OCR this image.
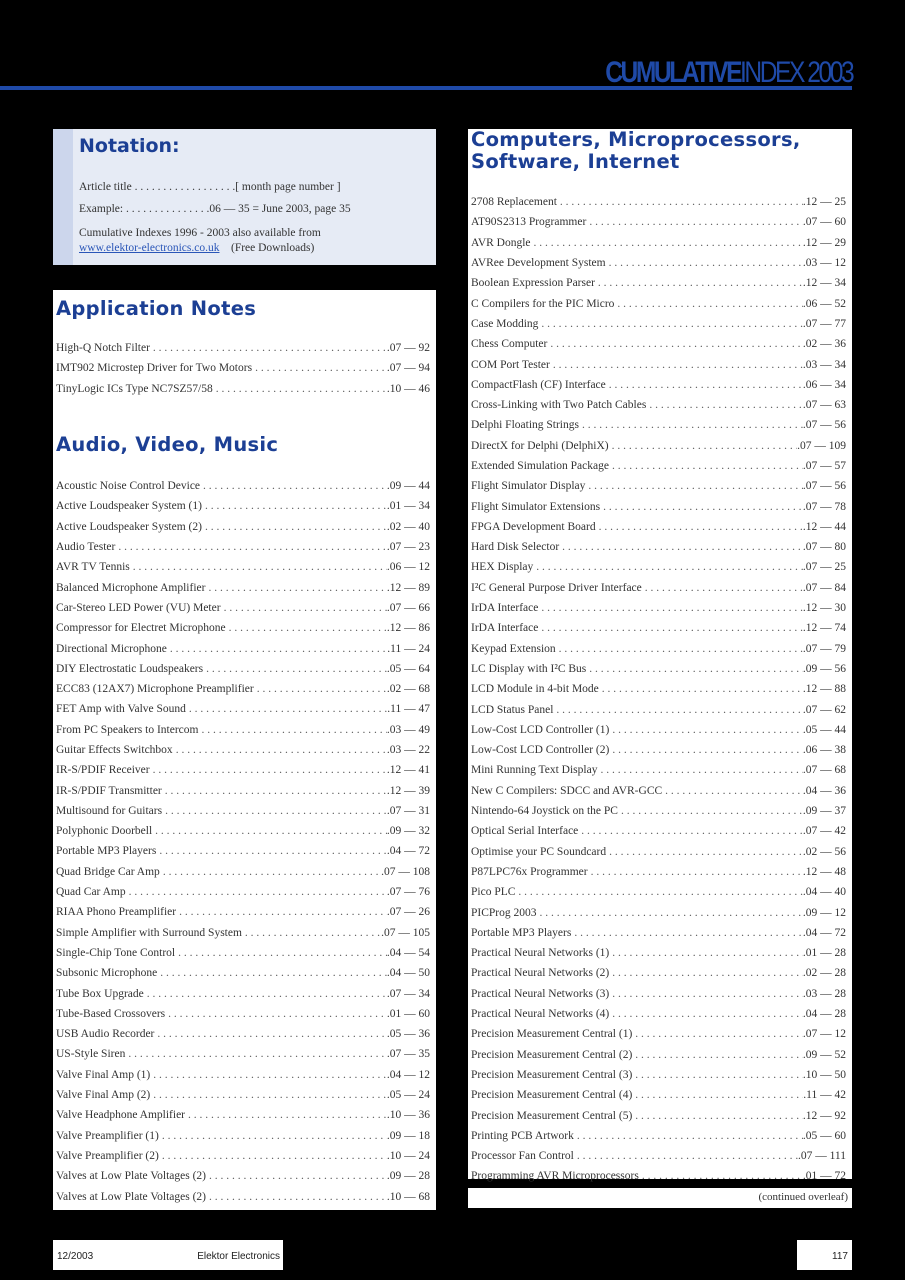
CUMULATIVEINDEX 2003
Notation:
Article title . . . . . . . . . . . . . . . . . .[ month page number ]
Example: . . . . . . . . . . . . . . .06 — 35 = June 2003, page 35
Cumulative Indexes 1996 - 2003 also available from
www.elektor-electronics.co.uk (Free Downloads)
Application Notes
High-Q Notch Filter . . .	.07 — 92
IMT902 Microstep Driver for Two Motors . . .	.07 — 94
TinyLogic ICs Type NC7SZ57/58 . . .	.10 — 46
Audio, Video, Music
Acoustic Noise Control Device . . .	.09 — 44
Active Loudspeaker System (1) . . .	.01 — 34
Active Loudspeaker System (2) . . .	.02 — 40
Audio Tester . . .	.07 — 23
AVR TV Tennis . . .	.06 — 12
Balanced Microphone Amplifier . . .	.12 — 89
Car-Stereo LED Power (VU) Meter . . .	.07 — 66
Compressor for Electret Microphone . . .	.12 — 86
Directional Microphone . . .	.11 — 24
DIY Electrostatic Loudspeakers . . .	.05 — 64
ECC83 (12AX7) Microphone Preamplifier . . .	.02 — 68
FET Amp with Valve Sound . . .	.11 — 47
From PC Speakers to Intercom . . .	.03 — 49
Guitar Effects Switchbox . . .	.03 — 22
IR-S/PDIF Receiver . . .	.12 — 41
IR-S/PDIF Transmitter . . .	.12 — 39
Multisound for Guitars . . .	.07 — 31
Polyphonic Doorbell . . .	.09 — 32
Portable MP3 Players . . .	.04 — 72
Quad Bridge Car Amp . . .	.07 — 108
Quad Car Amp . . .	.07 — 76
RIAA Phono Preamplifier . . .	.07 — 26
Simple Amplifier with Surround System . . .	.07 — 105
Single-Chip Tone Control . . .	.04 — 54
Subsonic Microphone . . .	.04 — 50
Tube Box Upgrade . . .	.07 — 34
Tube-Based Crossovers . . .	.01 — 60
USB Audio Recorder . . .	.05 — 36
US-Style Siren . . .	.07 — 35
Valve Final Amp (1) . . .	.04 — 12
Valve Final Amp (2) . . .	.05 — 24
Valve Headphone Amplifier . . .	.10 — 36
Valve Preamplifier (1) . . .	.09 — 18
Valve Preamplifier (2) . . .	.10 — 24
Valves at Low Plate Voltages (2) . . .	.09 — 28
Valves at Low Plate Voltages (2) . . .	.10 — 68
Computers, Microprocessors,
Software, Internet
2708 Replacement . . .	.12 — 25
AT90S2313 Programmer . . .	.07 — 60
AVR Dongle . . .	.12 — 29
AVRee Development System . . .	.03 — 12
Boolean Expression Parser . . .	.12 — 34
C Compilers for the PIC Micro . . .	.06 — 52
Case Modding . . .	.07 — 77
Chess Computer . . .	.02 — 36
COM Port Tester . . .	.03 — 34
CompactFlash (CF) Interface . . .	.06 — 34
Cross-Linking with Two Patch Cables . . .	.07 — 63
Delphi Floating Strings . . .	.07 — 56
DirectX for Delphi (DelphiX) . . .	.07 — 109
Extended Simulation Package . . .	.07 — 57
Flight Simulator Display . . .	.07 — 56
Flight Simulator Extensions . . .	.07 — 78
FPGA Development Board . . .	.12 — 44
Hard Disk Selector . . .	.07 — 80
HEX Display . . .	.07 — 25
I²C General Purpose Driver Interface . . .	.07 — 84
IrDA Interface . . .	.12 — 30
IrDA Interface . . .	.12 — 74
Keypad Extension . . .	.07 — 79
LC Display with I²C Bus . . .	.09 — 56
LCD Module in 4-bit Mode . . .	.12 — 88
LCD Status Panel . . .	.07 — 62
Low-Cost LCD Controller (1) . . .	.05 — 44
Low-Cost LCD Controller (2) . . .	.06 — 38
Mini Running Text Display . . .	.07 — 68
New C Compilers: SDCC and AVR-GCC . . .	.04 — 36
Nintendo-64 Joystick on the PC . . .	.09 — 37
Optical Serial Interface . . .	.07 — 42
Optimise your PC Soundcard . . .	.02 — 56
P87LPC76x Programmer . . .	.12 — 48
Pico PLC . . .	.04 — 40
PICProg 2003 . . .	.09 — 12
Portable MP3 Players . . .	.04 — 72
Practical Neural Networks (1) . . .	.01 — 28
Practical Neural Networks (2) . . .	.02 — 28
Practical Neural Networks (3) . . .	.03 — 28
Practical Neural Networks (4) . . .	.04 — 28
Precision Measurement Central (1) . . .	.07 — 12
Precision Measurement Central (2) . . .	.09 — 52
Precision Measurement Central (3) . . .	.10 — 50
Precision Measurement Central (4) . . .	.11 — 42
Precision Measurement Central (5) . . .	.12 — 92
Printing PCB Artwork . . .	.05 — 60
Processor Fan Control . . .	.07 — 111
Programming AVR Microprocessors . . .	.01 — 72
(continued overleaf)
12/2003	Elektor Electronics	117
